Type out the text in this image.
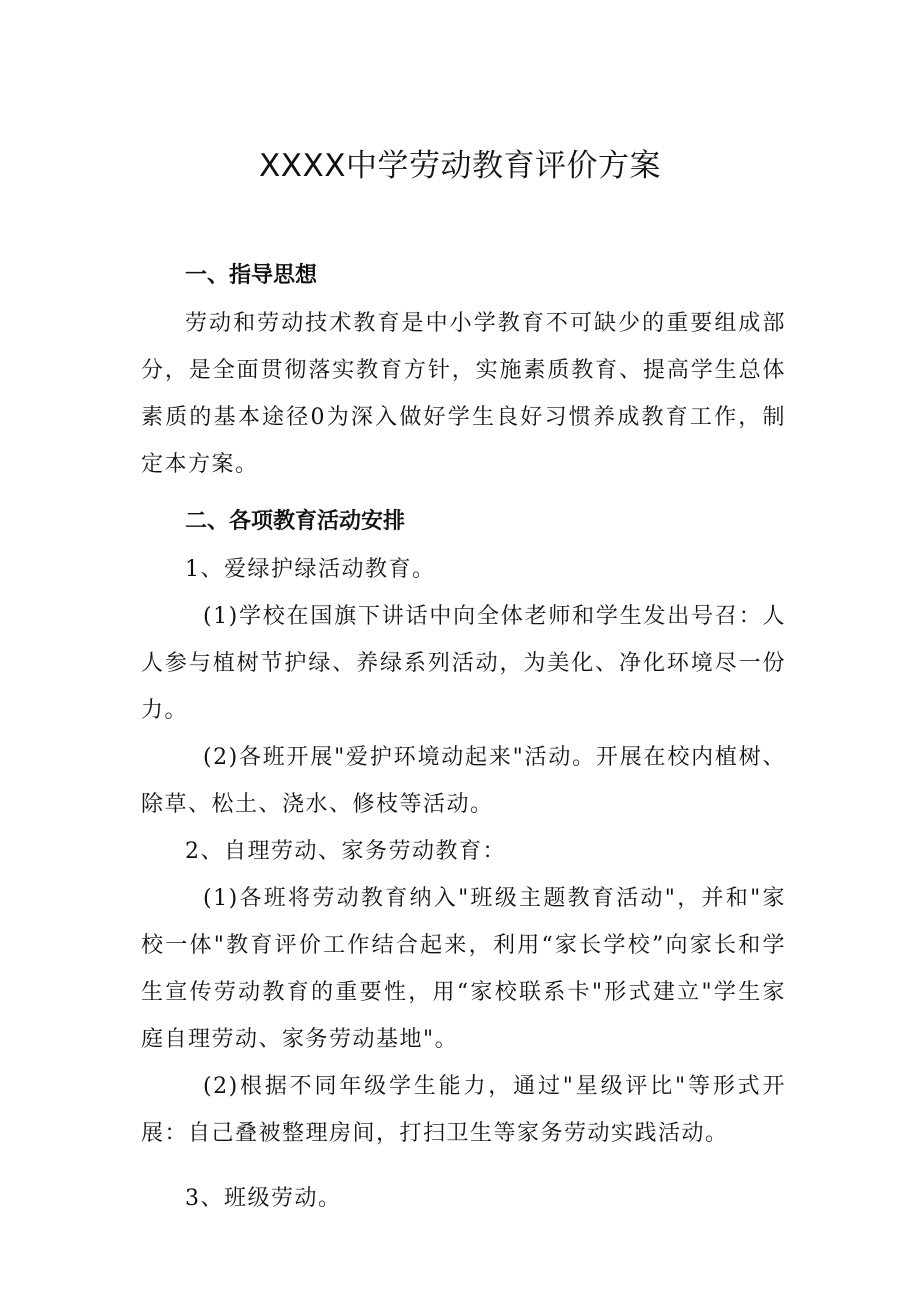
XXXX中学劳动教育评价方案

一、指导思想

劳动和劳动技术教育是中小学教育不可缺少的重要组成部分，是全面贯彻落实教育方针，实施素质教育、提高学生总体素质的基本途径0为深入做好学生良好习惯养成教育工作，制定本方案。

二、各项教育活动安排

1、爱绿护绿活动教育。

(1)学校在国旗下讲话中向全体老师和学生发出号召：人人参与植树节护绿、养绿系列活动，为美化、净化环境尽一份力。

(2)各班开展"爱护环境动起来"活动。开展在校内植树、除草、松土、浇水、修枝等活动。

2、自理劳动、家务劳动教育：

(1)各班将劳动教育纳入"班级主题教育活动"，并和"家校一体"教育评价工作结合起来，利用“家长学校”向家长和学生宣传劳动教育的重要性，用“家校联系卡"形式建立"学生家庭自理劳动、家务劳动基地"。

(2)根据不同年级学生能力，通过"星级评比"等形式开展：自己叠被整理房间，打扫卫生等家务劳动实践活动。

3、班级劳动。
